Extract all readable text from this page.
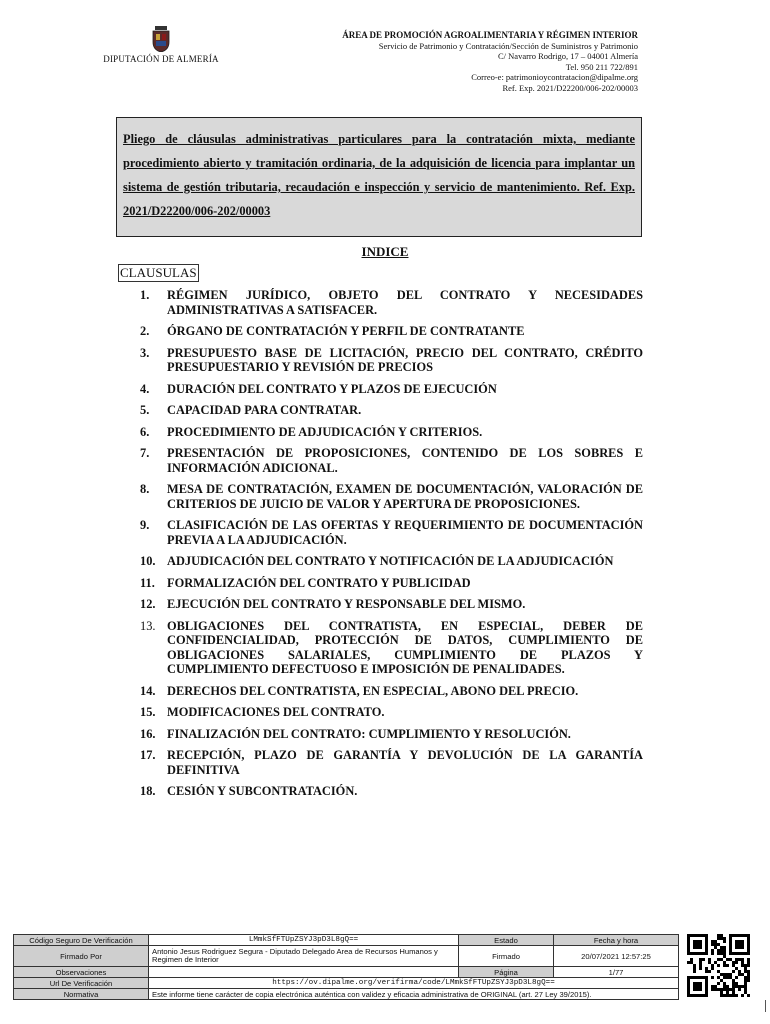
DIPUTACIÓN DE ALMERÍA
ÁREA DE PROMOCIÓN AGROALIMENTARIA Y RÉGIMEN INTERIOR
Servicio de Patrimonio y Contratación/Sección de Suministros y Patrimonio
C/ Navarro Rodrigo, 17 – 04001 Almería
Tel. 950 211 722/891
Correo-e: patrimonioycontratacion@dipalme.org
Ref. Exp. 2021/D22200/006-202/00003
Pliego de cláusulas administrativas particulares para la contratación mixta, mediante procedimiento abierto y tramitación ordinaria, de la adquisición de licencia para implantar un sistema de gestión tributaria, recaudación e inspección y servicio de mantenimiento. Ref. Exp. 2021/D22200/006-202/00003
INDICE
CLAUSULAS
1.	RÉGIMEN JURÍDICO, OBJETO DEL CONTRATO Y NECESIDADES ADMINISTRATIVAS A SATISFACER.
2.	ÓRGANO DE CONTRATACIÓN Y PERFIL DE CONTRATANTE
3.	PRESUPUESTO BASE DE LICITACIÓN, PRECIO DEL CONTRATO, CRÉDITO PRESUPUESTARIO Y REVISIÓN DE PRECIOS
4.	DURACIÓN DEL CONTRATO Y PLAZOS DE EJECUCIÓN
5.	CAPACIDAD PARA CONTRATAR.
6.	PROCEDIMIENTO DE ADJUDICACIÓN Y CRITERIOS.
7.	PRESENTACIÓN DE PROPOSICIONES, CONTENIDO DE LOS SOBRES E INFORMACIÓN ADICIONAL.
8.	MESA DE CONTRATACIÓN, EXAMEN DE DOCUMENTACIÓN, VALORACIÓN DE CRITERIOS DE JUICIO DE VALOR Y APERTURA DE PROPOSICIONES.
9.	CLASIFICACIÓN DE LAS OFERTAS Y REQUERIMIENTO DE DOCUMENTACIÓN PREVIA A LA ADJUDICACIÓN.
10. ADJUDICACIÓN DEL CONTRATO Y NOTIFICACIÓN DE LA ADJUDICACIÓN
11. FORMALIZACIÓN DEL CONTRATO Y PUBLICIDAD
12. EJECUCIÓN DEL CONTRATO Y RESPONSABLE DEL MISMO.
13. OBLIGACIONES DEL CONTRATISTA, EN ESPECIAL, DEBER DE CONFIDENCIALIDAD, PROTECCIÓN DE DATOS, CUMPLIMIENTO DE OBLIGACIONES SALARIALES, CUMPLIMIENTO DE PLAZOS Y CUMPLIMIENTO DEFECTUOSO E IMPOSICIÓN DE PENALIDADES.
14. DERECHOS DEL CONTRATISTA, EN ESPECIAL, ABONO DEL PRECIO.
15. MODIFICACIONES DEL CONTRATO.
16. FINALIZACIÓN DEL CONTRATO: CUMPLIMIENTO Y RESOLUCIÓN.
17. RECEPCIÓN, PLAZO DE GARANTÍA Y DEVOLUCIÓN DE LA GARANTÍA DEFINITIVA
18. CESIÓN Y SUBCONTRATACIÓN.
Código Seguro De Verificación	LMmkSfFTUpZSYJ3pD3L8gQ==	Estado	Fecha y hora
Firmado Por	Antonio Jesus Rodriguez Segura - Diputado Delegado Area de Recursos Humanos y Regimen de Interior	Firmado	20/07/2021 12:57:25
Observaciones		Página	1/77
Url De Verificación	https://ov.dipalme.org/verifirma/code/LMmkSfFTUpZSYJ3pD3L8gQ==		
Normativa	Este informe tiene carácter de copia electrónica auténtica con validez y eficacia administrativa de ORIGINAL (art. 27 Ley 39/2015).		
